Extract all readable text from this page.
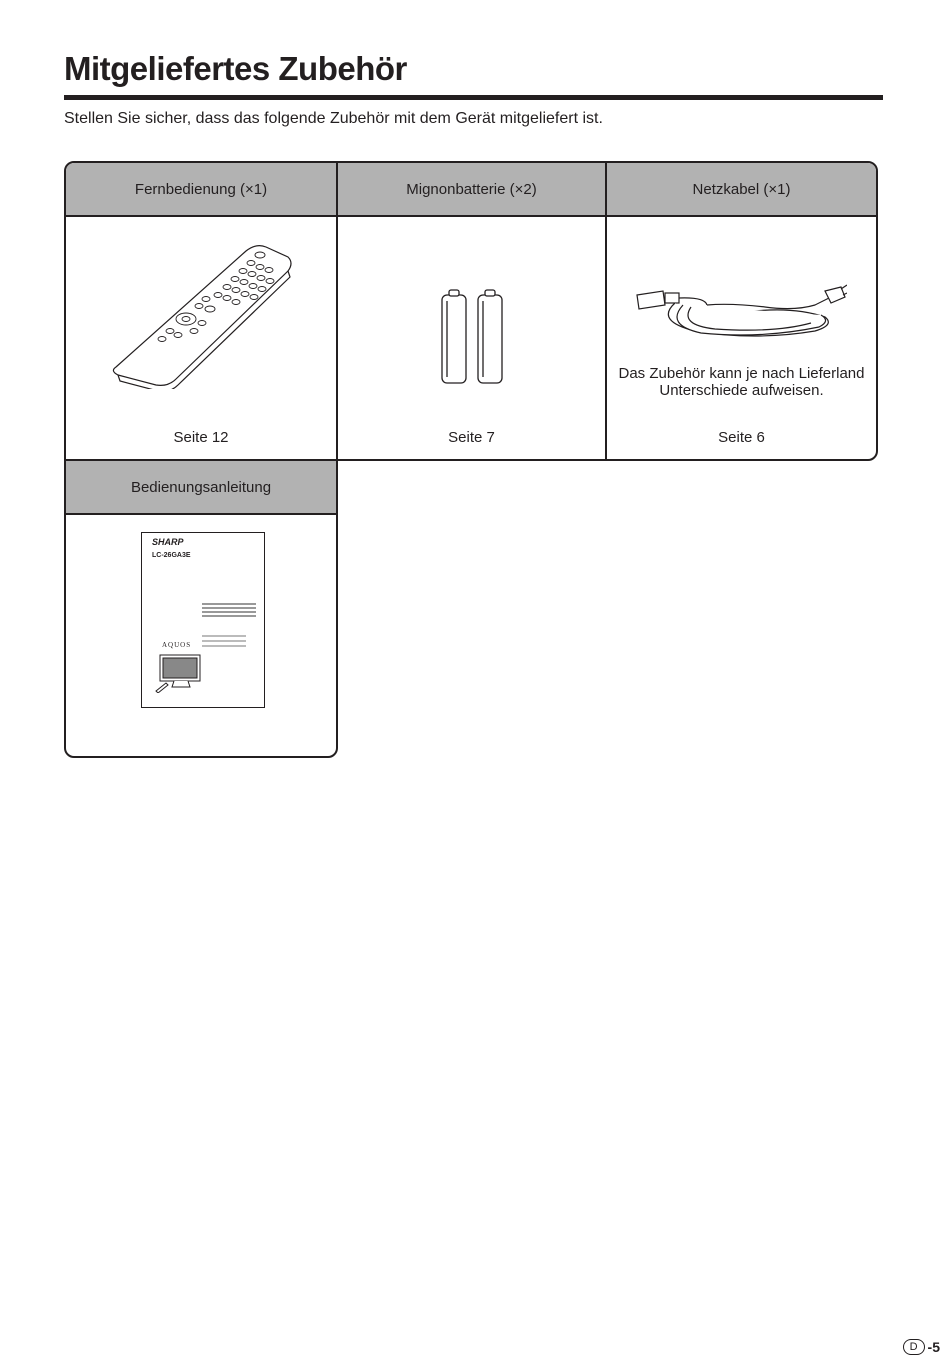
Mitgeliefertes Zubehör
Stellen Sie sicher, dass das folgende Zubehör mit dem Gerät mitgeliefert ist.
Fernbedienung (×1)
Seite 12
Mignonbatterie (×2)
Seite 7
Netzkabel (×1)
Das Zubehör kann je nach Lieferland Unterschiede aufweisen.
Seite 6
Bedienungsanleitung
SHARP
LC-26GA3E
AQUOS
D -5
